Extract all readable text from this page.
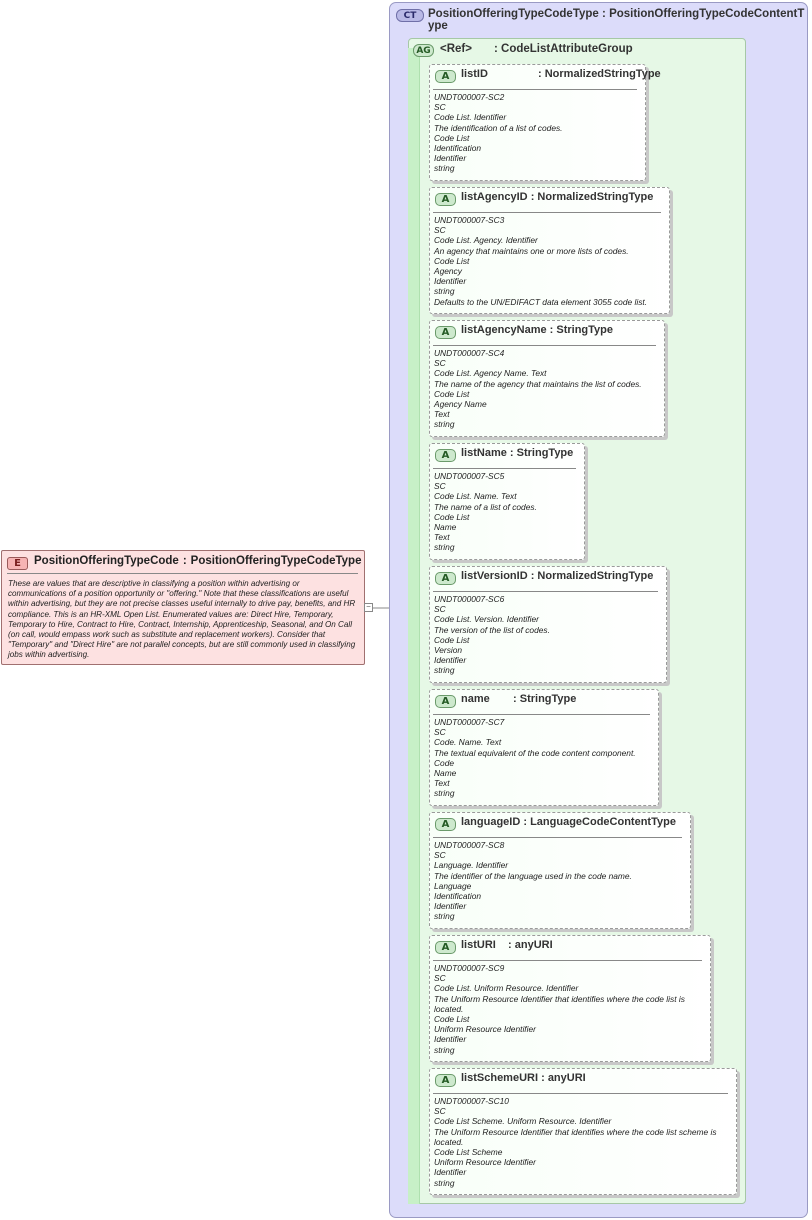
E	PositionOfferingTypeCode : PositionOfferingTypeCodeType
These are values that are descriptive in classifying a position within advertising or communications of a position opportunity or "offering." Note that these classifications are useful within advertising, but they are not precise classes useful internally to drive pay, benefits, and HR compliance. This is an HR-XML Open List. Enumerated values are: Direct Hire, Temporary, Temporary to Hire, Contract to Hire, Contract, Internship, Apprenticeship, Seasonal, and On Call (on call, would empass work such as substitute and replacement workers). Consider that "Temporary" and "Direct Hire" are not parallel concepts, but are still commonly used in classifying jobs within advertising.
−
CT	PositionOfferingTypeCodeType : PositionOfferingTypeCodeContentType
AG <Ref> : CodeListAttributeGroup
A	listID	: NormalizedStringType
UNDT000007-SC2
SC
Code List. Identifier
The identification of a list of codes.
Code List
Identification
Identifier
string
A	listAgencyID : NormalizedStringType
UNDT000007-SC3
SC
Code List. Agency. Identifier
An agency that maintains one or more lists of codes.
Code List
Agency
Identifier
string
Defaults to the UN/EDIFACT data element 3055 code list.
A	listAgencyName : StringType
UNDT000007-SC4
SC
Code List. Agency Name. Text
The name of the agency that maintains the list of codes.
Code List
Agency Name
Text
string
A	listName : StringType
UNDT000007-SC5
SC
Code List. Name. Text
The name of a list of codes.
Code List
Name
Text
string
A	listVersionID : NormalizedStringType
UNDT000007-SC6
SC
Code List. Version. Identifier
The version of the list of codes.
Code List
Version
Identifier
string
A	name : StringType
UNDT000007-SC7
SC
Code. Name. Text
The textual equivalent of the code content component.
Code
Name
Text
string
A	languageID : LanguageCodeContentType
UNDT000007-SC8
SC
Language. Identifier
The identifier of the language used in the code name.
Language
Identification
Identifier
string
A	listURI : anyURI
UNDT000007-SC9
SC
Code List. Uniform Resource. Identifier
The Uniform Resource Identifier that identifies where the code list is located.
Code List
Uniform Resource Identifier
Identifier
string
A	listSchemeURI : anyURI
UNDT000007-SC10
SC
Code List Scheme. Uniform Resource. Identifier
The Uniform Resource Identifier that identifies where the code list scheme is located.
Code List Scheme
Uniform Resource Identifier
Identifier
string
